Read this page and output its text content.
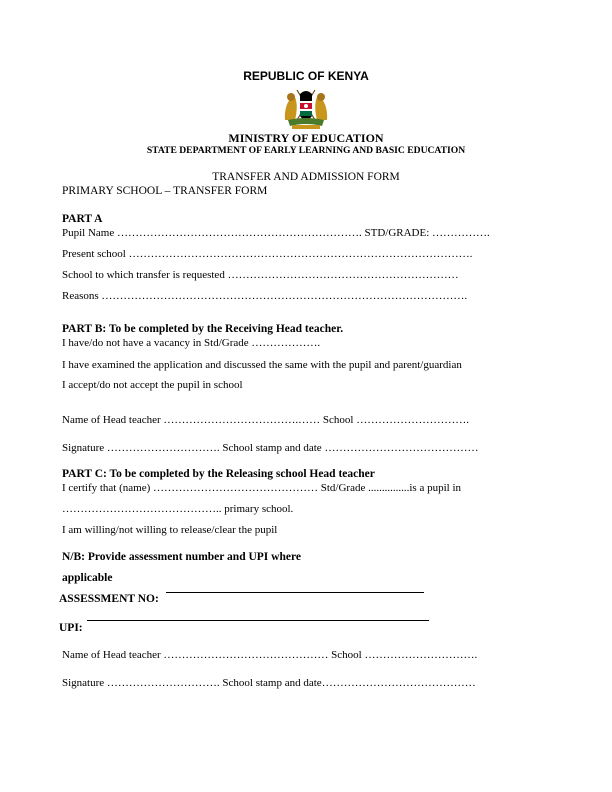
REPUBLIC OF KENYA
MINISTRY OF EDUCATION
STATE DEPARTMENT OF EARLY LEARNING AND BASIC EDUCATION
TRANSFER AND ADMISSION FORM
PRIMARY SCHOOL – TRANSFER FORM
PART A
Pupil Name …………………………………………………………. STD/GRADE: …………….
Present school ………………………………………………………………………………….
School to which transfer is requested ………………………………………………………
Reasons ……………………………………………………………………………………….
PART B: To be completed by the Receiving Head teacher.
I have/do not have a vacancy in Std/Grade ……………….
I have examined the application and discussed the same with the pupil and parent/guardian
I accept/do not accept the pupil in school
Name of Head teacher ……………………………….…… School ………………………….
Signature …………………………. School stamp and date ……………………………………
PART C: To be completed by the Releasing school Head teacher
I certify that (name) ……………………………………… Std/Grade ...............is a pupil in
…………………………………….. primary school.
I am willing/not willing to release/clear the pupil
N/B: Provide assessment number and UPI where
applicable
ASSESSMENT NO:
UPI:
Name of Head teacher ……………………………………… School ………………………….
Signature …………………………. School stamp and date……………………………………
